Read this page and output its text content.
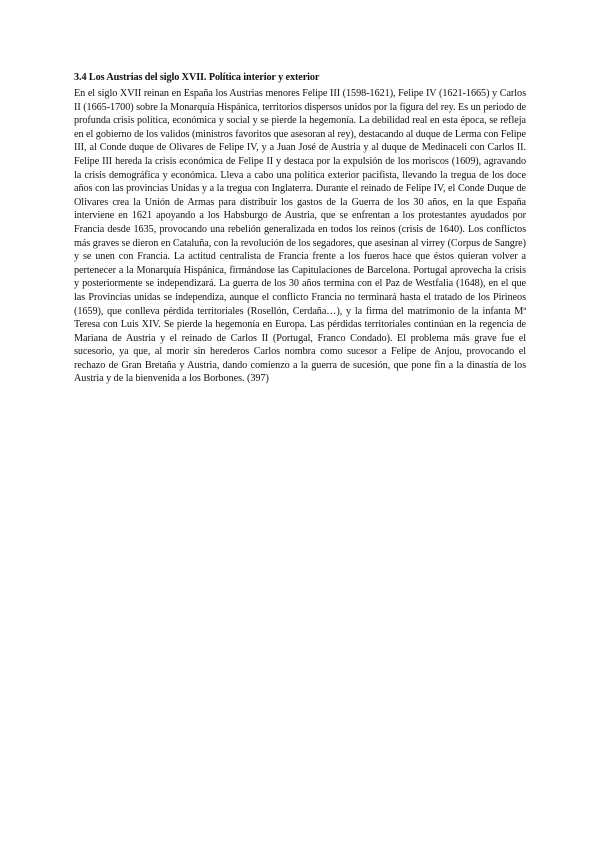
3.4 Los Austrias del siglo XVII. Política interior y exterior

En el siglo XVII reinan en España los Austrias menores Felipe III (1598-1621), Felipe IV (1621-1665) y Carlos II (1665-1700) sobre la Monarquía Hispánica, territorios dispersos unidos por la figura del rey. Es un periodo de profunda crisis política, económica y social y se pierde la hegemonía. La debilidad real en esta época, se refleja en el gobierno de los validos (ministros favoritos que asesoran al rey), destacando al duque de Lerma con Felipe III, al Conde duque de Olivares de Felipe IV, y a Juan José de Austria y al duque de Medinaceli con Carlos II. Felipe III hereda la crisis económica de Felipe II y destaca por la expulsión de los moriscos (1609), agravando la crisis demográfica y económica. Lleva a cabo una política exterior pacifista, llevando la tregua de los doce años con las provincias Unidas y a la tregua con Inglaterra. Durante el reinado de Felipe IV, el Conde Duque de Olivares crea la Unión de Armas para distribuir los gastos de la Guerra de los 30 años, en la que España interviene en 1621 apoyando a los Habsburgo de Austria, que se enfrentan a los protestantes ayudados por Francia desde 1635, provocando una rebelión generalizada en todos los reinos (crisis de 1640). Los conflictos más graves se dieron en Cataluña, con la revolución de los segadores, que asesinan al virrey (Corpus de Sangre) y se unen con Francia. La actitud centralista de Francia frente a los fueros hace que éstos quieran volver a pertenecer a la Monarquía Hispánica, firmándose las Capitulaciones de Barcelona. Portugal aprovecha la crisis y posteriormente se independizará. La guerra de los 30 años termina con el Paz de Westfalia (1648), en el que las Provincias unidas se independiza, aunque el conflicto Francia no terminará hasta el tratado de los Pirineos (1659), que conlleva pérdida territoriales (Rosellón, Cerdaña…), y la firma del matrimonio de la infanta Mª Teresa con Luis XIV. Se pierde la hegemonía en Europa. Las pérdidas territoriales continúan en la regencia de Mariana de Austria y el reinado de Carlos II (Portugal, Franco Condado). El problema más grave fue el sucesorio, ya que, al morir sin herederos Carlos nombra como sucesor a Felipe de Anjou, provocando el rechazo de Gran Bretaña y Austria, dando comienzo a la guerra de sucesión, que pone fin a la dinastía de los Austria y de la bienvenida a los Borbones. (397)
